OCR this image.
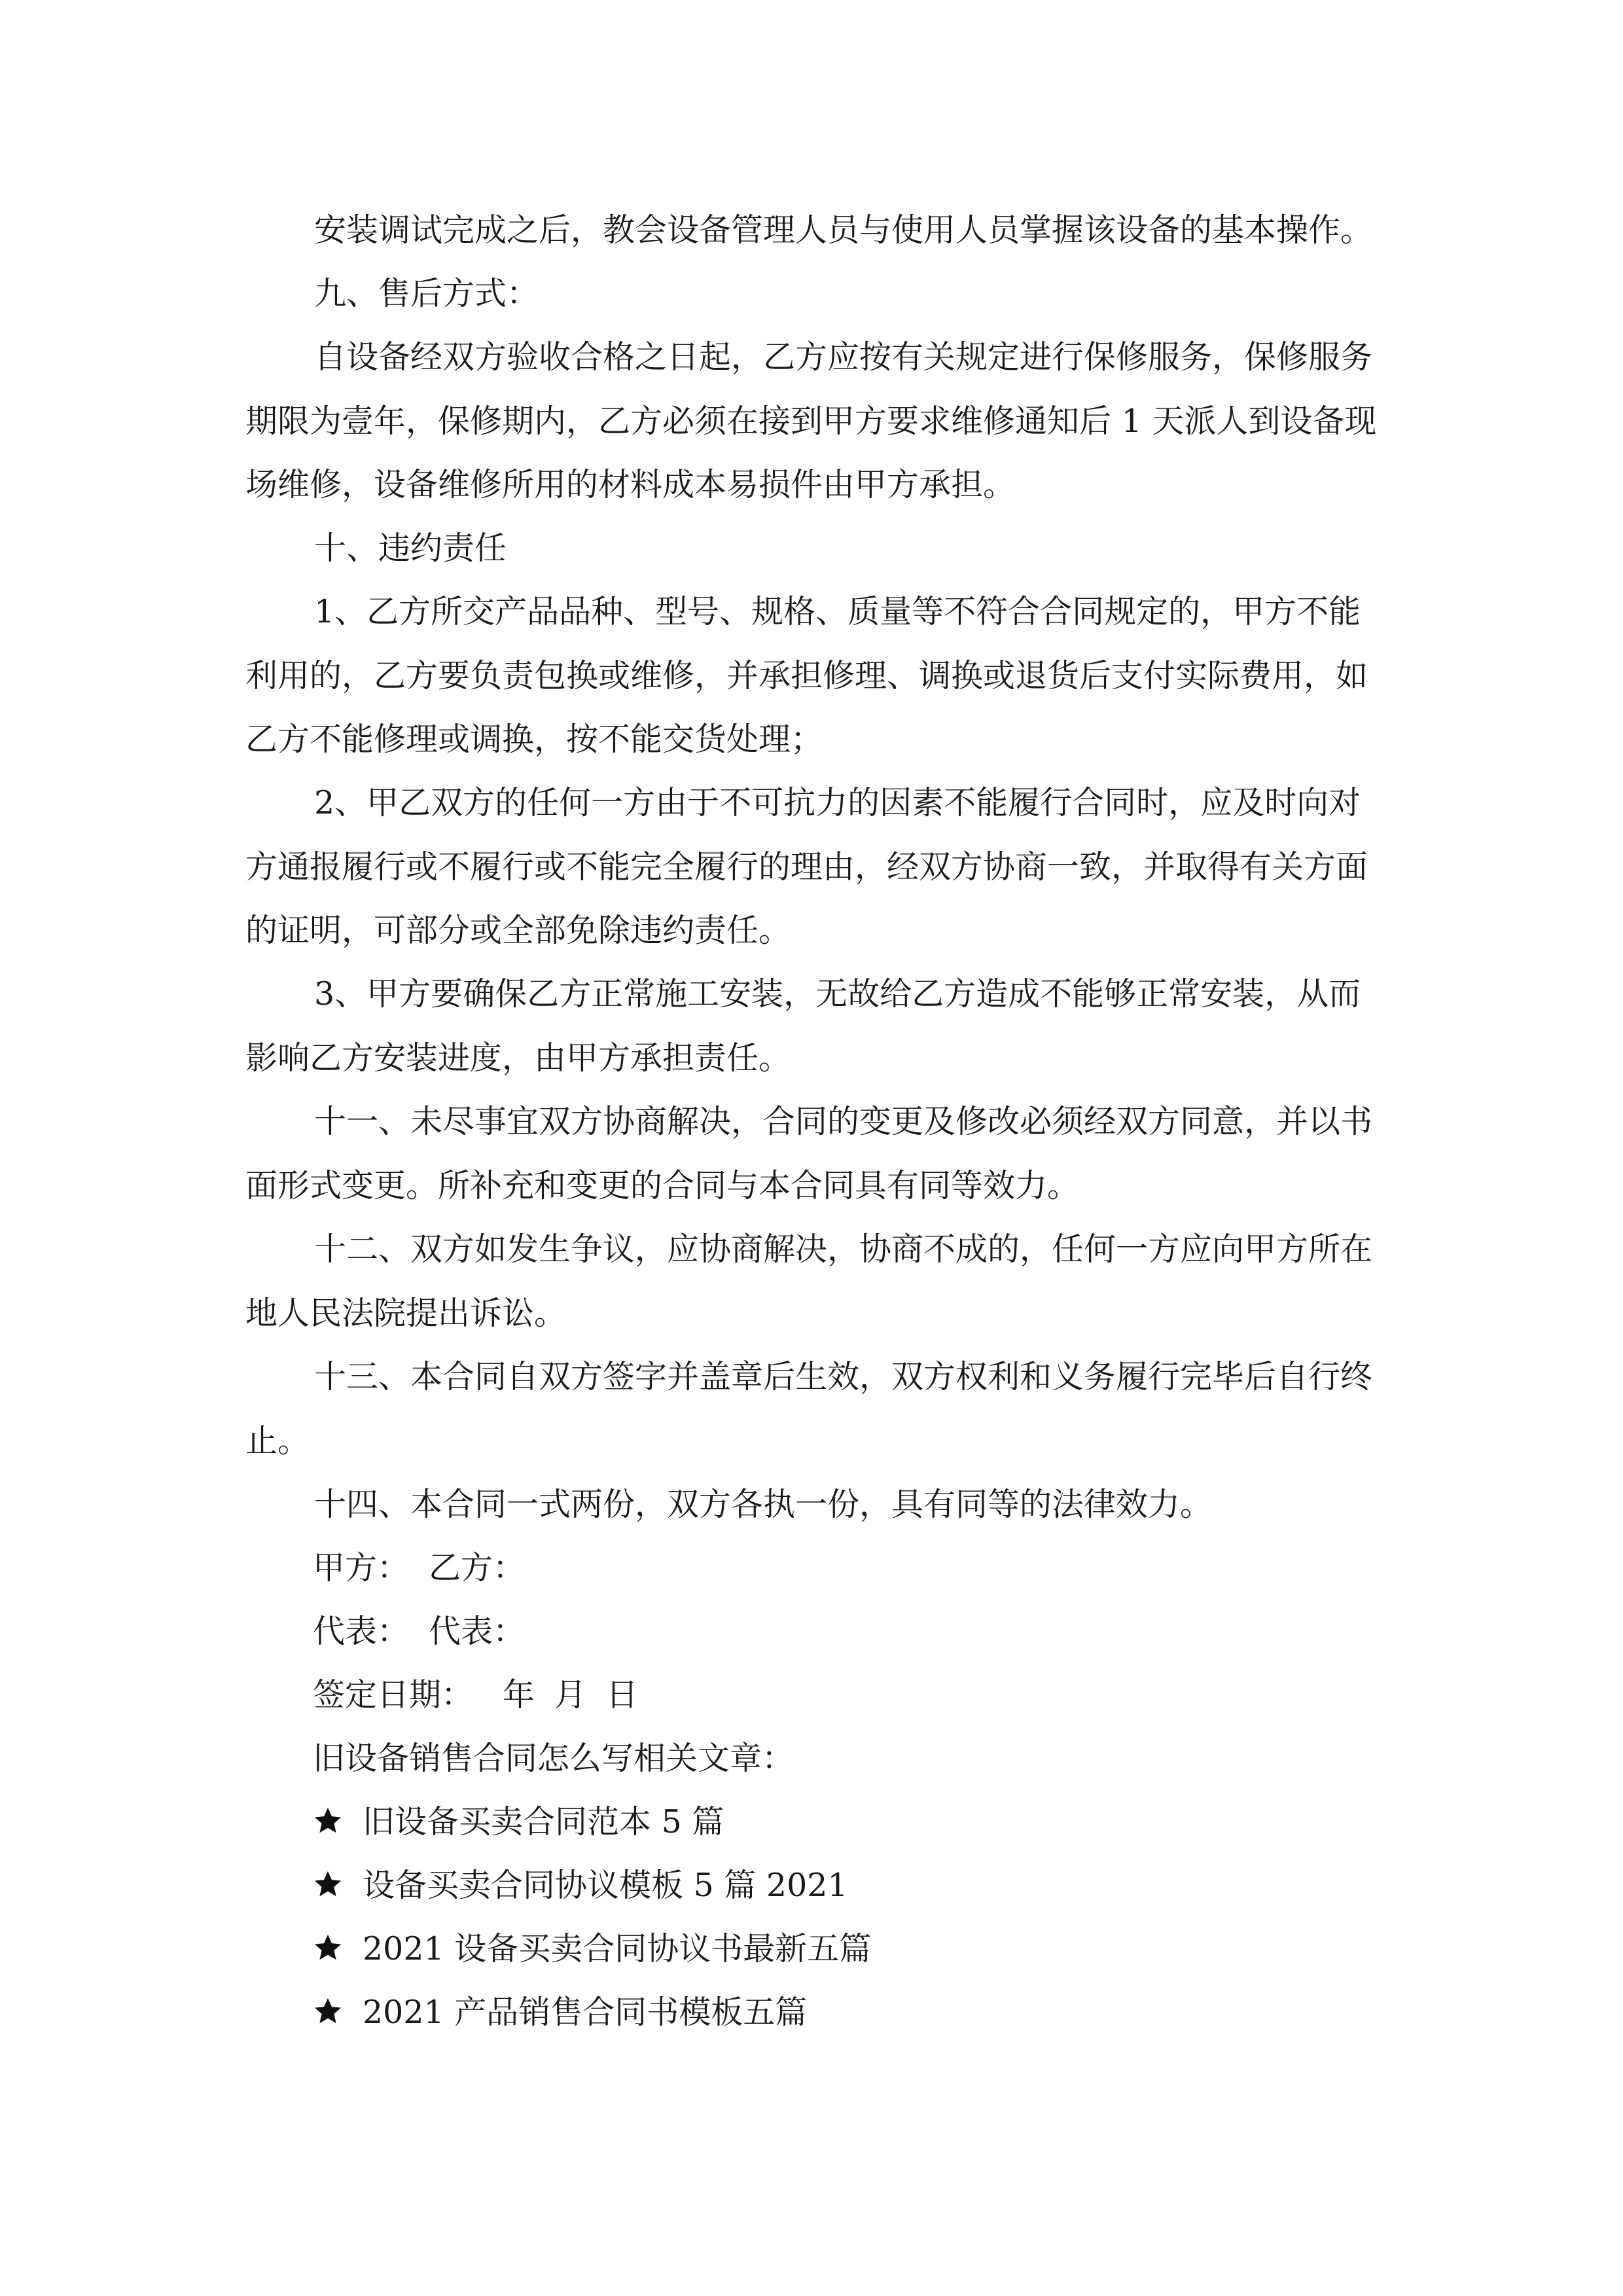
安装调试完成之后，教会设备管理人员与使用人员掌握该设备的基本操作。

九、售后方式：

自设备经双方验收合格之日起，乙方应按有关规定进行保修服务，保修服务期限为壹年，保修期内，乙方必须在接到甲方要求维修通知后 1 天派人到设备现场维修，设备维修所用的材料成本易损件由甲方承担。

十、违约责任

1、乙方所交产品品种、型号、规格、质量等不符合合同规定的，甲方不能利用的，乙方要负责包换或维修，并承担修理、调换或退货后支付实际费用，如乙方不能修理或调换，按不能交货处理；

2、甲乙双方的任何一方由于不可抗力的因素不能履行合同时，应及时向对方通报履行或不履行或不能完全履行的理由，经双方协商一致，并取得有关方面的证明，可部分或全部免除违约责任。

3、甲方要确保乙方正常施工安装，无故给乙方造成不能够正常安装，从而影响乙方安装进度，由甲方承担责任。

十一、未尽事宜双方协商解决，合同的变更及修改必须经双方同意，并以书面形式变更。所补充和变更的合同与本合同具有同等效力。

十二、双方如发生争议，应协商解决，协商不成的，任何一方应向甲方所在地人民法院提出诉讼。

十三、本合同自双方签字并盖章后生效，双方权利和义务履行完毕后自行终止。

十四、本合同一式两份，双方各执一份，具有同等的法律效力。

甲方： 乙方：

代表： 代表：

签定日期： 年 月 日

旧设备销售合同怎么写相关文章：

旧设备买卖合同范本 5 篇

设备买卖合同协议模板 5 篇 2021

2021 设备买卖合同协议书最新五篇

2021 产品销售合同书模板五篇
